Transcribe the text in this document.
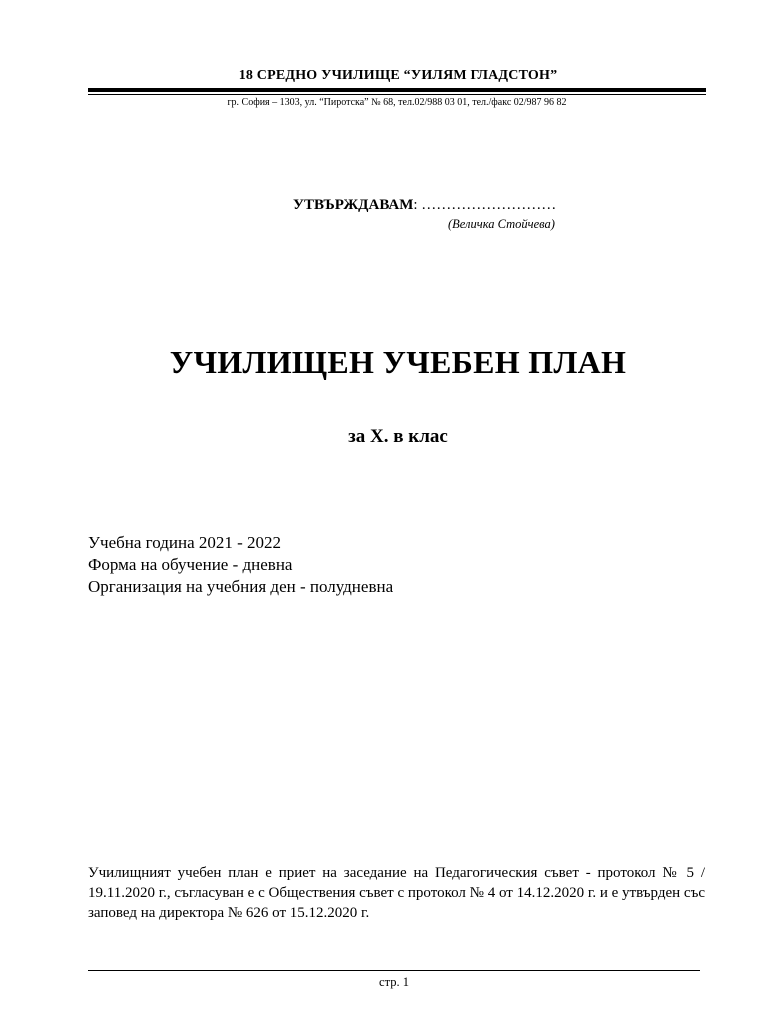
18 СРЕДНО УЧИЛИЩЕ “УИЛЯМ ГЛАДСТОН”
гр. София – 1303, ул. “Пиротска” № 68, тел.02/988 03 01, тел./факс 02/987 96 82
УТВЪРЖДАВАМ: ………………………
(Величка Стойчева)
УЧИЛИЩЕН УЧЕБЕН ПЛАН
за X. в клас
Учебна година 2021 - 2022
Форма на обучение - дневна
Организация на учебния ден - полудневна
Училищният учебен план е приет на заседание на Педагогическия съвет - протокол № 5 / 19.11.2020 г., съгласуван е с Обществения съвет с протокол № 4 от 14.12.2020 г. и е утвърден със заповед на директора № 626 от 15.12.2020 г.
стр. 1
